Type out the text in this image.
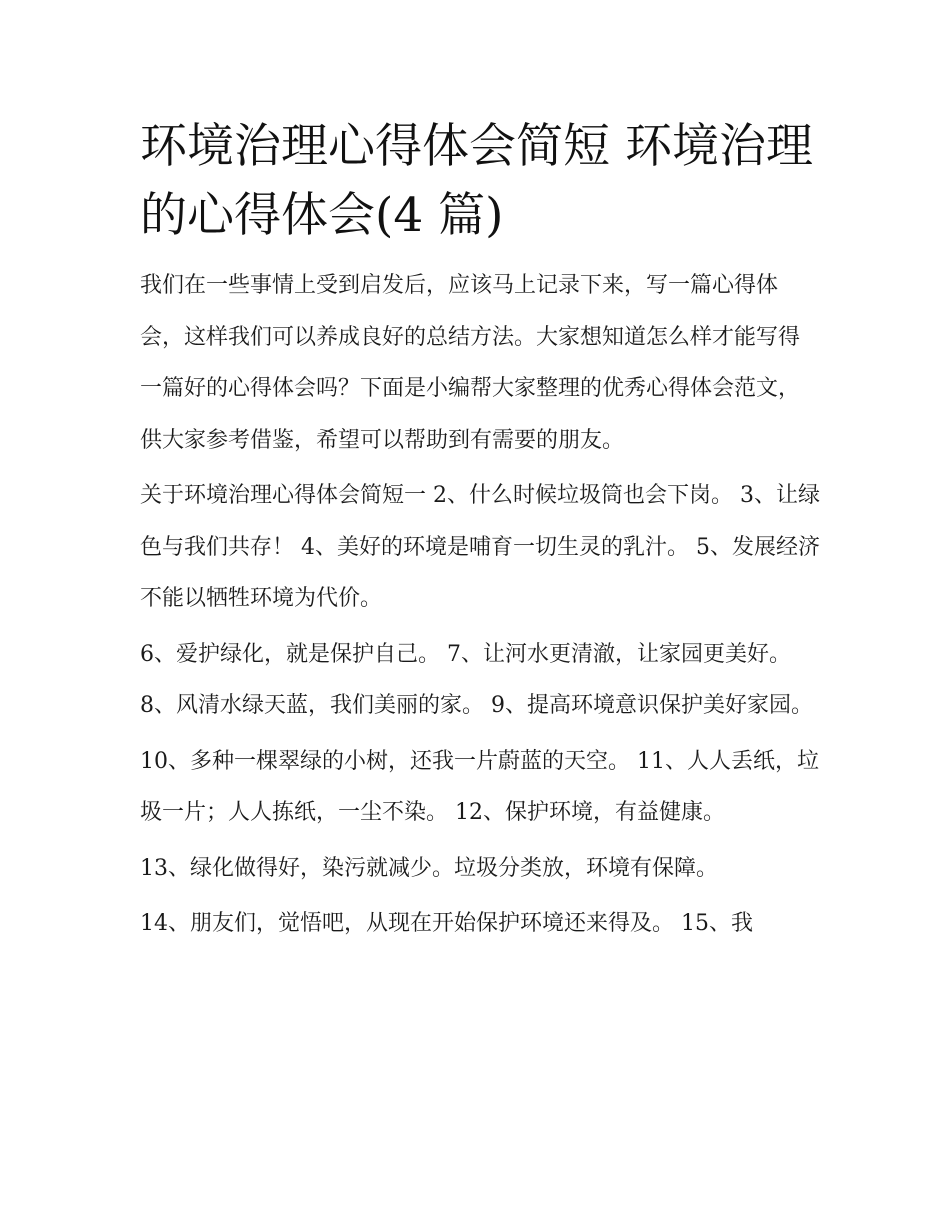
环境治理心得体会简短 环境治理的心得体会(4 篇)

我们在一些事情上受到启发后，应该马上记录下来，写一篇心得体会，这样我们可以养成良好的总结方法。大家想知道怎么样才能写得一篇好的心得体会吗？下面是小编帮大家整理的优秀心得体会范文，供大家参考借鉴，希望可以帮助到有需要的朋友。

关于环境治理心得体会简短一 2、什么时候垃圾筒也会下岗。 3、让绿色与我们共存！ 4、美好的环境是哺育一切生灵的乳汁。 5、发展经济不能以牺牲环境为代价。

6、爱护绿化，就是保护自己。 7、让河水更清澈，让家园更美好。 8、风清水绿天蓝，我们美丽的家。 9、提高环境意识保护美好家园。

10、多种一棵翠绿的小树，还我一片蔚蓝的天空。 11、人人丢纸，垃圾一片；人人拣纸，一尘不染。 12、保护环境，有益健康。

13、绿化做得好，染污就减少。垃圾分类放，环境有保障。

14、朋友们，觉悟吧，从现在开始保护环境还来得及。 15、我
